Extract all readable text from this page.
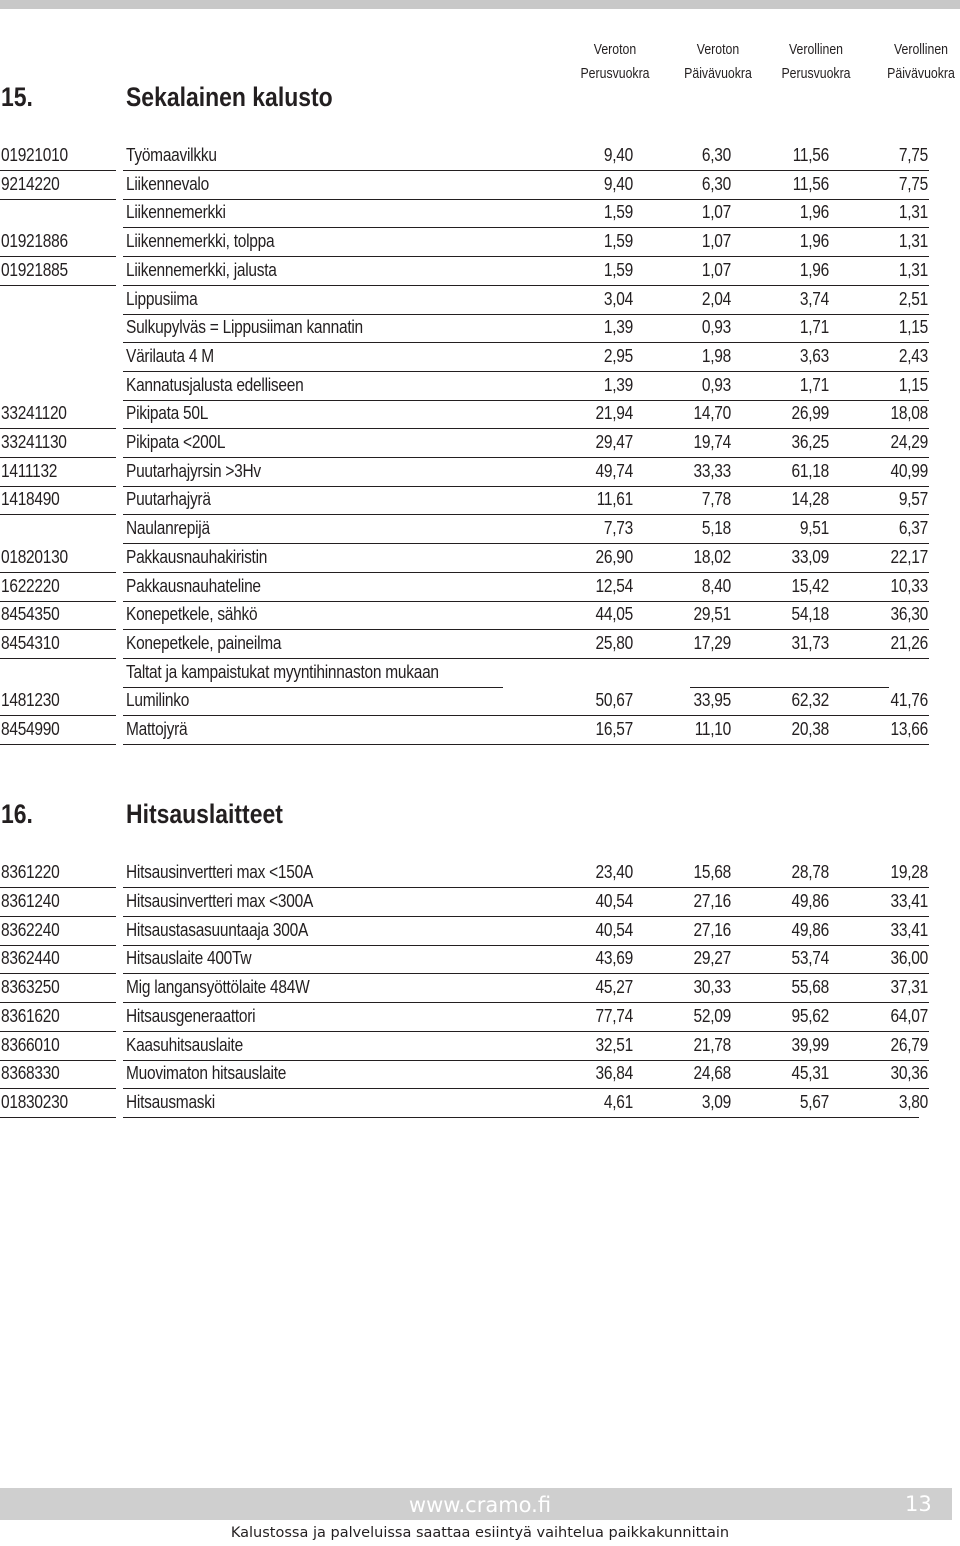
Veroton
Perusvuokra
Veroton
Päivävuokra
Verollinen
Perusvuokra
Verollinen
Päivävuokra
15.	Sekalainen kalusto
01921010	Työmaavilkku	9,40	6,30	11,56	7,75
9214220	Liikennevalo	9,40	6,30	11,56	7,75
Liikennemerkki	1,59	1,07	1,96	1,31
01921886	Liikennemerkki, tolppa	1,59	1,07	1,96	1,31
01921885	Liikennemerkki, jalusta	1,59	1,07	1,96	1,31
Lippusiima	3,04	2,04	3,74	2,51
Sulkupylväs = Lippusiiman kannatin	1,39	0,93	1,71	1,15
Värilauta 4 M	2,95	1,98	3,63	2,43
Kannatusjalusta edelliseen	1,39	0,93	1,71	1,15
33241120	Pikipata 50L	21,94	14,70	26,99	18,08
33241130	Pikipata <200L	29,47	19,74	36,25	24,29
1411132	Puutarhajyrsin >3Hv	49,74	33,33	61,18	40,99
1418490	Puutarhajyrä	11,61	7,78	14,28	9,57
Naulanrepijä	7,73	5,18	9,51	6,37
01820130	Pakkausnauhakiristin	26,90	18,02	33,09	22,17
1622220	Pakkausnauhateline	12,54	8,40	15,42	10,33
8454350	Konepetkele, sähkö	44,05	29,51	54,18	36,30
8454310	Konepetkele, paineilma	25,80	17,29	31,73	21,26
Taltat ja kampaistukat myyntihinnaston mukaan
1481230	Lumilinko	50,67	33,95	62,32	41,76
8454990	Mattojyrä	16,57	11,10	20,38	13,66
16.	Hitsauslaitteet
8361220	Hitsausinvertteri max <150A	23,40	15,68	28,78	19,28
8361240	Hitsausinvertteri max <300A	40,54	27,16	49,86	33,41
8362240	Hitsaustasasuuntaaja 300A	40,54	27,16	49,86	33,41
8362440	Hitsauslaite 400Tw	43,69	29,27	53,74	36,00
8363250	Mig langansyöttölaite 484W	45,27	30,33	55,68	37,31
8361620	Hitsausgeneraattori	77,74	52,09	95,62	64,07
8366010	Kaasuhitsauslaite	32,51	21,78	39,99	26,79
8368330	Muovimaton hitsauslaite	36,84	24,68	45,31	30,36
01830230	Hitsausmaski	4,61	3,09	5,67	3,80
www.cramo.fi	13
Kalustossa ja palveluissa saattaa esiintyä vaihtelua paikkakunnittain
